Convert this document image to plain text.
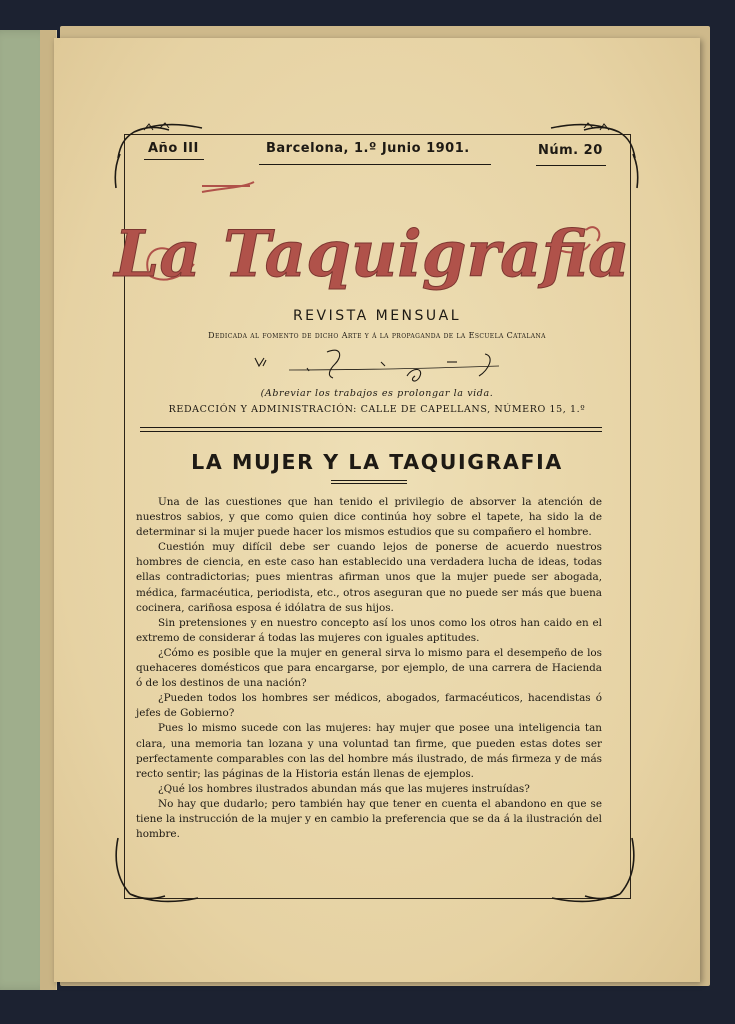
Año III	Barcelona, 1.º Junio 1901.	Núm. 20
La Taquigrafia
REVISTA MENSUAL
Dedicada al fomento de dicho Arte y á la propaganda de la Escuela Catalana
(Abreviar los trabajos es prolongar la vida.
REDACCIÓN Y ADMINISTRACIÓN: CALLE DE CAPELLANS, NÚMERO 15, 1.º
LA MUJER Y LA TAQUIGRAFIA

Una de las cuestiones que han tenido el privilegio de absorver la atención de nuestros sabios, y que como quien dice continúa hoy sobre el tapete, ha sido la de determinar si la mujer puede hacer los mismos estudios que su compañero el hombre.

Cuestión muy difícil debe ser cuando lejos de ponerse de acuerdo nuestros hombres de ciencia, en este caso han establecido una verdadera lucha de ideas, todas ellas contradictorias; pues mientras afirman unos que la mujer puede ser abogada, médica, farmacéutica, periodista, etc., otros aseguran que no puede ser más que buena cocinera, cariñosa esposa é idólatra de sus hijos.

Sin pretensiones y en nuestro concepto así los unos como los otros han caido en el extremo de considerar á todas las mujeres con iguales aptitudes.

¿Cómo es posible que la mujer en general sirva lo mismo para el desempeño de los quehaceres domésticos que para encargarse, por ejemplo, de una carrera de Hacienda ó de los destinos de una nación?

¿Pueden todos los hombres ser médicos, abogados, farmacéuticos, hacendistas ó jefes de Gobierno?

Pues lo mismo sucede con las mujeres: hay mujer que posee una inteligencia tan clara, una memoria tan lozana y una voluntad tan firme, que pueden estas dotes ser perfectamente comparables con las del hombre más ilustrado, de más firmeza y de más recto sentir; las páginas de la Historia están llenas de ejemplos.

¿Qué los hombres ilustrados abundan más que las mujeres instruídas?

No hay que dudarlo; pero también hay que tener en cuenta el abandono en que se tiene la instrucción de la mujer y en cambio la preferencia que se da á la ilustración del hombre.
